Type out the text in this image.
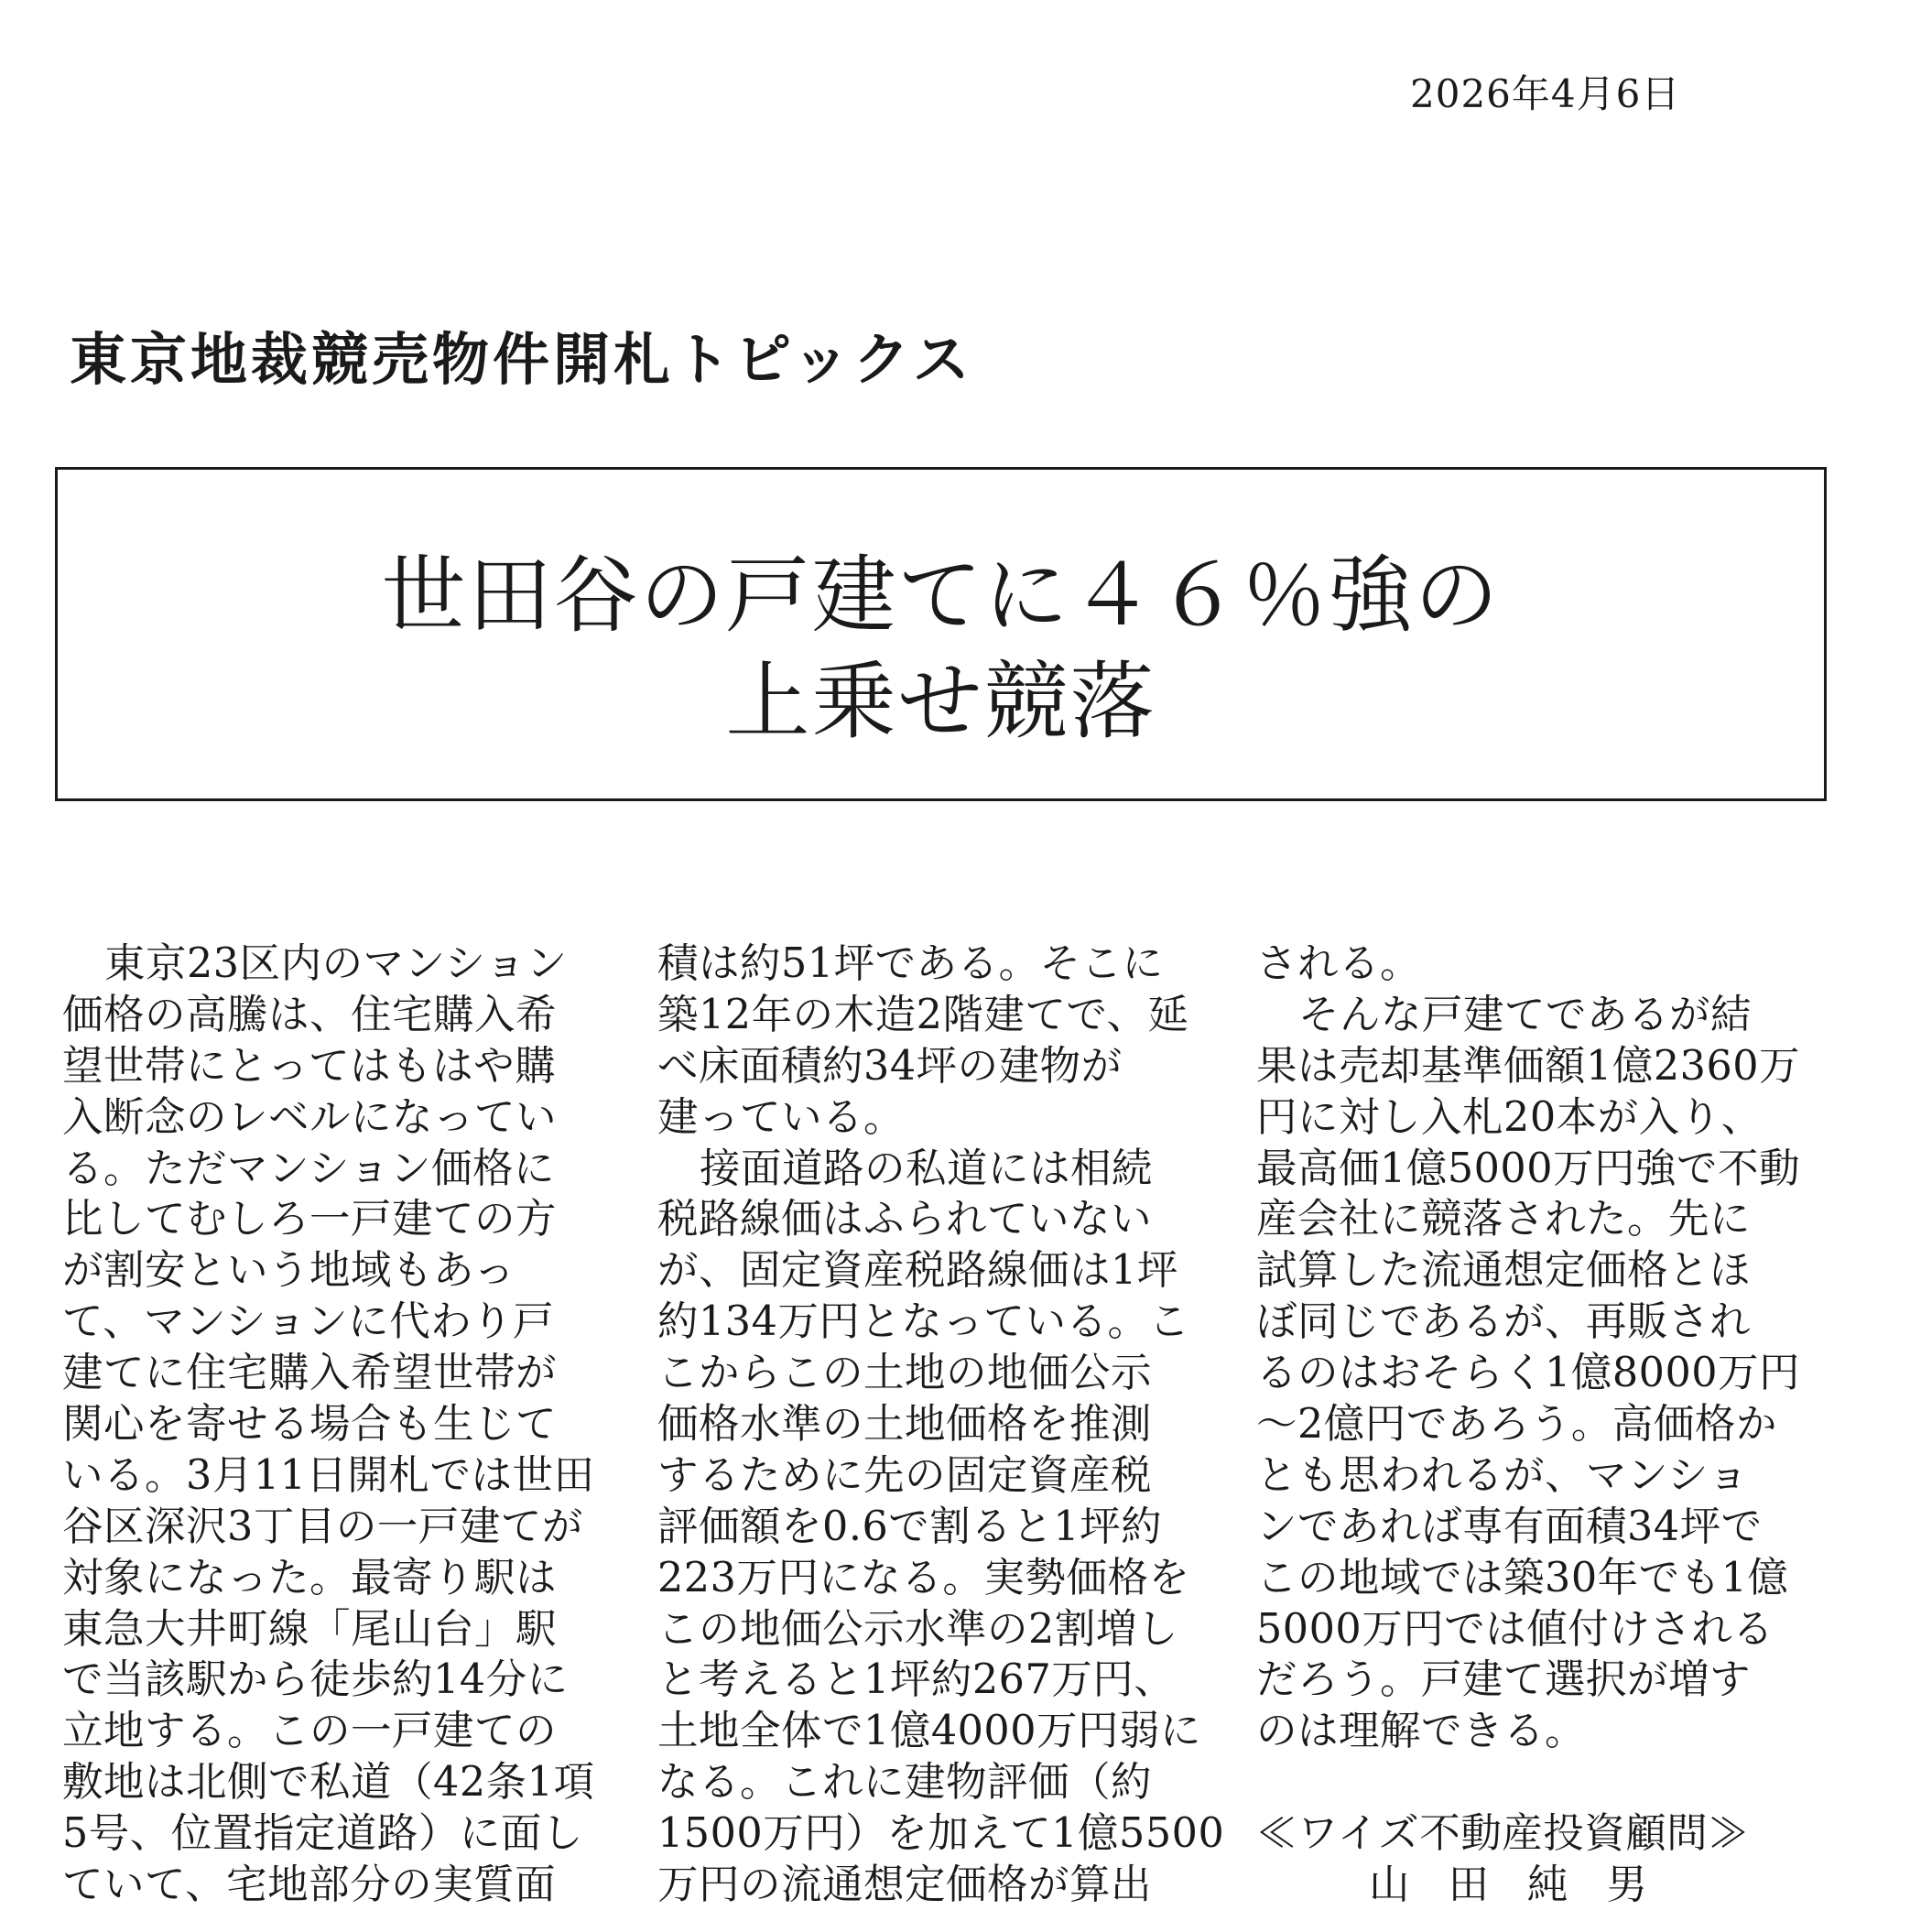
2026年4月6日
東京地裁競売物件開札トピックス
世田谷の戸建てに４６％強の
上乗せ競落
東京23区内のマンション
価格の高騰は、住宅購入希
望世帯にとってはもはや購
入断念のレベルになってい
る。ただマンション価格に
比してむしろ一戸建ての方
が割安という地域もあっ
て、マンションに代わり戸
建てに住宅購入希望世帯が
関心を寄せる場合も生じて
いる。3月11日開札では世田
谷区深沢3丁目の一戸建てが
対象になった。最寄り駅は
東急大井町線「尾山台」駅
で当該駅から徒歩約14分に
立地する。この一戸建ての
敷地は北側で私道（42条1項
5号、位置指定道路）に面し
ていて、宅地部分の実質面
積は約51坪である。そこに
築12年の木造2階建てで、延
べ床面積約34坪の建物が
建っている。
接面道路の私道には相続
税路線価はふられていない
が、固定資産税路線価は1坪
約134万円となっている。こ
こからこの土地の地価公示
価格水準の土地価格を推測
するために先の固定資産税
評価額を0.6で割ると1坪約
223万円になる。実勢価格を
この地価公示水準の2割増し
と考えると1坪約267万円、
土地全体で1億4000万円弱に
なる。これに建物評価（約
1500万円）を加えて1億5500
万円の流通想定価格が算出
される。
そんな戸建てであるが結
果は売却基準価額1億2360万
円に対し入札20本が入り、
最高価1億5000万円強で不動
産会社に競落された。先に
試算した流通想定価格とほ
ぼ同じであるが、再販され
るのはおそらく1億8000万円
～2億円であろう。高価格か
とも思われるが、マンショ
ンであれば専有面積34坪で
この地域では築30年でも1億
5000万円では値付けされる
だろう。戸建て選択が増す
のは理解できる。
≪ワイズ不動産投資顧問≫
山田純男
